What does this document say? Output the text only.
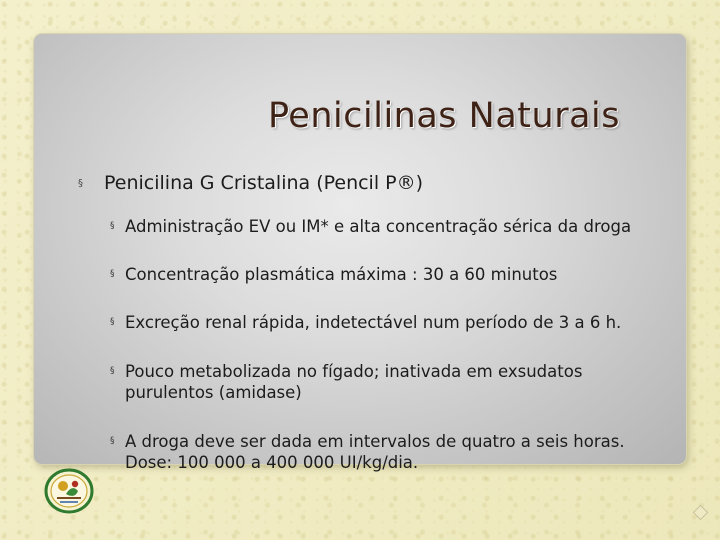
Penicilinas Naturais
§ Penicilina G Cristalina (Pencil P®)
§ Administração EV ou IM* e alta concentração sérica da droga
§ Concentração plasmática máxima : 30 a 60 minutos
§ Excreção renal rápida, indetectável num período de 3 a 6 h.
§ Pouco metabolizada no fígado; inativada em exsudatos
purulentos (amidase)
§ A droga deve ser dada em intervalos de quatro a seis horas.
Dose: 100 000 a 400 000 UI/kg/dia.
